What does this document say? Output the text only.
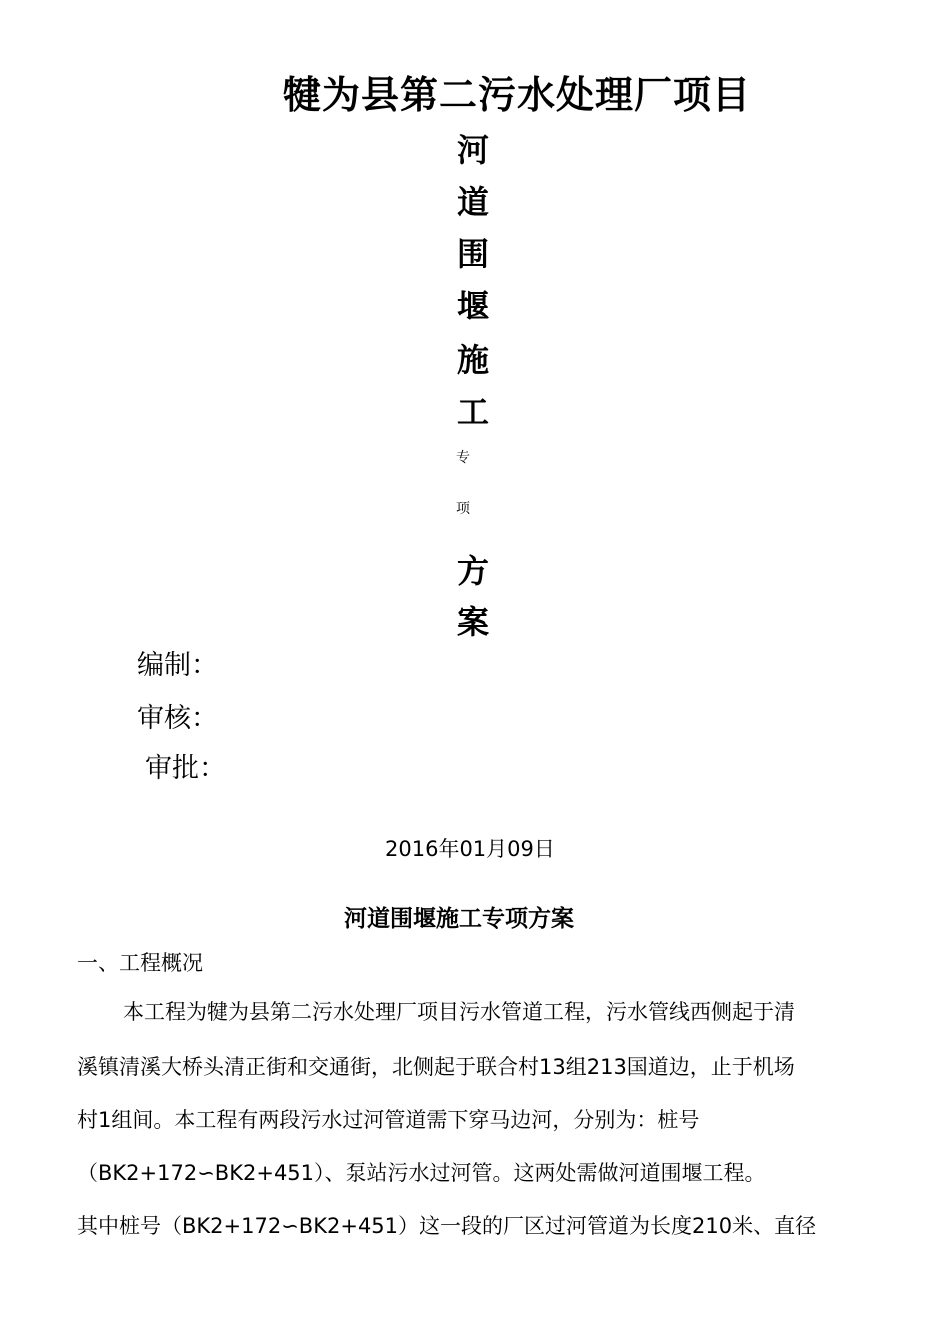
犍为县第二污水处理厂项目
河
道
围
堰
施
工
专
项
方
案
编制：
审核：
审批：
2016年01月09日
河道围堰施工专项方案
一、工程概况
本工程为犍为县第二污水处理厂项目污水管道工程，污水管线西侧起于清
溪镇清溪大桥头清正街和交通街，北侧起于联合村13组213国道边，止于机场
村1组间。本工程有两段污水过河管道需下穿马边河，分别为：桩号
（BK2+172∽BK2+451）、泵站污水过河管。这两处需做河道围堰工程。
其中桩号（BK2+172∽BK2+451）这一段的厂区过河管道为长度210米、直径
